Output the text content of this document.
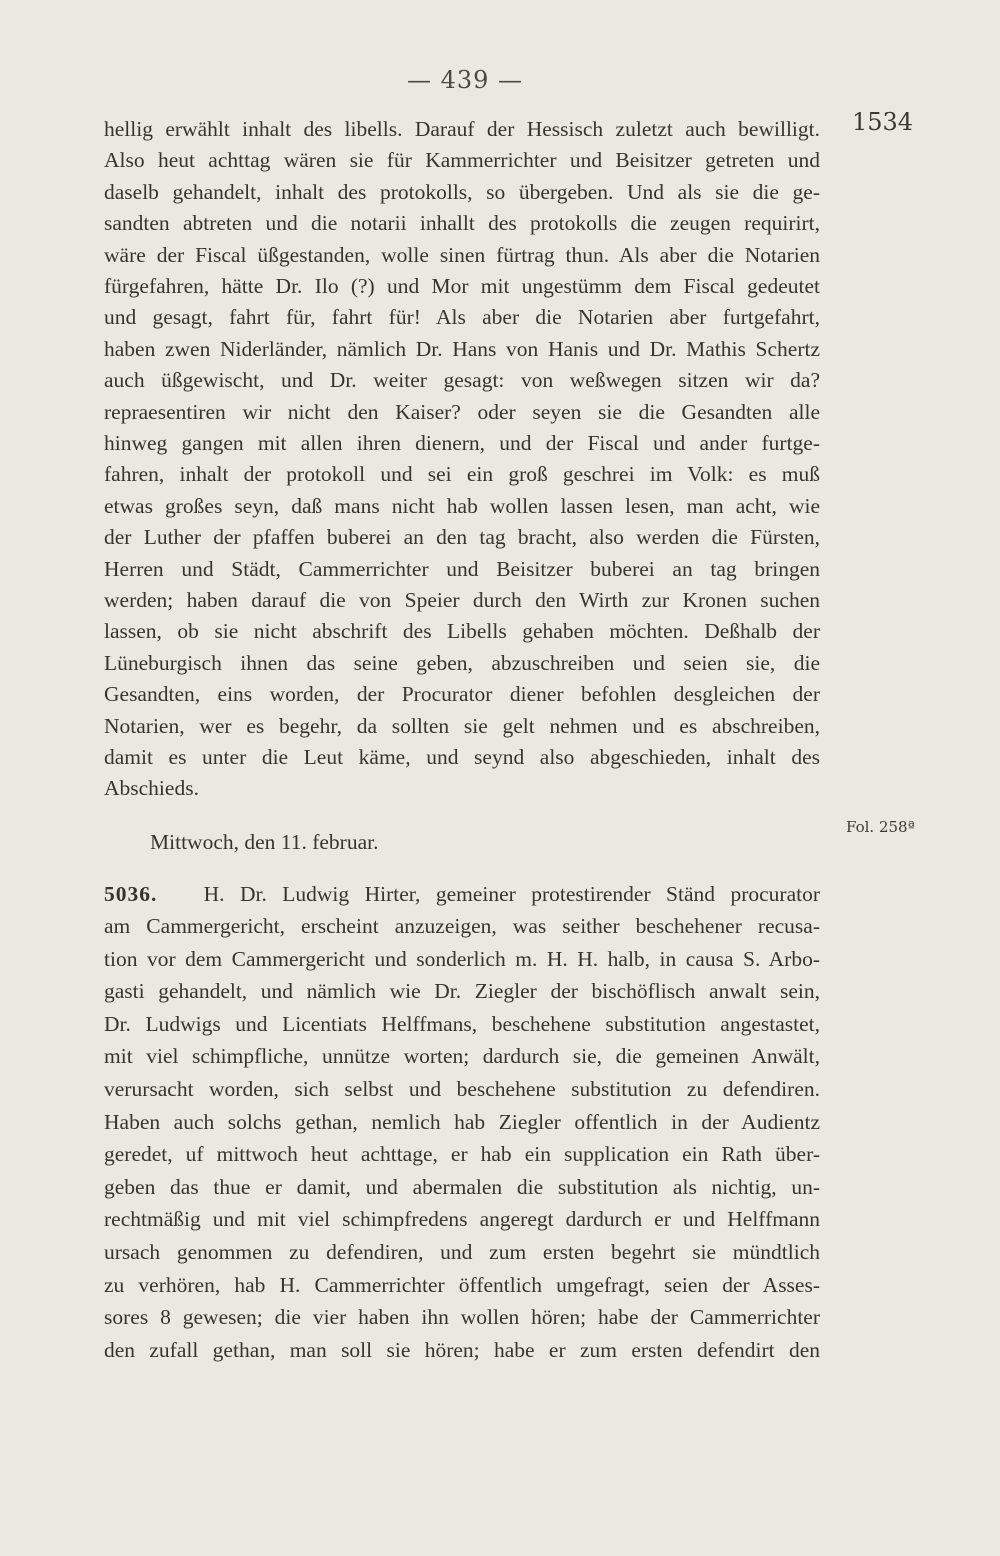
— 439 —
1534
Fol. 258ª
hellig erwählt inhalt des libells. Darauf der Hessisch zuletzt auch bewilligt.
Also heut achttag wären sie für Kammerrichter und Beisitzer getreten und
daselb gehandelt, inhalt des protokolls, so übergeben. Und als sie die ge-
sandten abtreten und die notarii inhallt des protokolls die zeugen requirirt,
wäre der Fiscal üßgestanden, wolle sinen fürtrag thun. Als aber die Notarien
fürgefahren, hätte Dr. Ilo (?) und Mor mit ungestümm dem Fiscal gedeutet
und gesagt, fahrt für, fahrt für! Als aber die Notarien aber furtgefahrt,
haben zwen Niderländer, nämlich Dr. Hans von Hanis und Dr. Mathis Schertz
auch üßgewischt, und Dr. weiter gesagt: von weßwegen sitzen wir da?
repraesentiren wir nicht den Kaiser? oder seyen sie die Gesandten alle
hinweg gangen mit allen ihren dienern, und der Fiscal und ander furtge-
fahren, inhalt der protokoll und sei ein groß geschrei im Volk: es muß
etwas großes seyn, daß mans nicht hab wollen lassen lesen, man acht, wie
der Luther der pfaffen buberei an den tag bracht, also werden die Fürsten,
Herren und Städt, Cammerrichter und Beisitzer buberei an tag bringen
werden; haben darauf die von Speier durch den Wirth zur Kronen suchen
lassen, ob sie nicht abschrift des Libells gehaben möchten. Deßhalb der
Lüneburgisch ihnen das seine geben, abzuschreiben und seien sie, die
Gesandten, eins worden, der Procurator diener befohlen desgleichen der
Notarien, wer es begehr, da sollten sie gelt nehmen und es abschreiben,
damit es unter die Leut käme, und seynd also abgeschieden, inhalt des
Abschieds.
Mittwoch, den 11. februar.
5036. H. Dr. Ludwig Hirter, gemeiner protestirender Ständ procurator
am Cammergericht, erscheint anzuzeigen, was seither beschehener recusa-
tion vor dem Cammergericht und sonderlich m. H. H. halb, in causa S. Arbo-
gasti gehandelt, und nämlich wie Dr. Ziegler der bischöflisch anwalt sein,
Dr. Ludwigs und Licentiats Helffmans, beschehene substitution angestastet,
mit viel schimpfliche, unnütze worten; dardurch sie, die gemeinen Anwält,
verursacht worden, sich selbst und beschehene substitution zu defendiren.
Haben auch solchs gethan, nemlich hab Ziegler offentlich in der Audientz
geredet, uf mittwoch heut achttage, er hab ein supplication ein Rath über-
geben das thue er damit, und abermalen die substitution als nichtig, un-
rechtmäßig und mit viel schimpfredens angeregt dardurch er und Helffmann
ursach genommen zu defendiren, und zum ersten begehrt sie mündtlich
zu verhören, hab H. Cammerrichter öffentlich umgefragt, seien der Asses-
sores 8 gewesen; die vier haben ihn wollen hören; habe der Cammerrichter
den zufall gethan, man soll sie hören; habe er zum ersten defendirt den
